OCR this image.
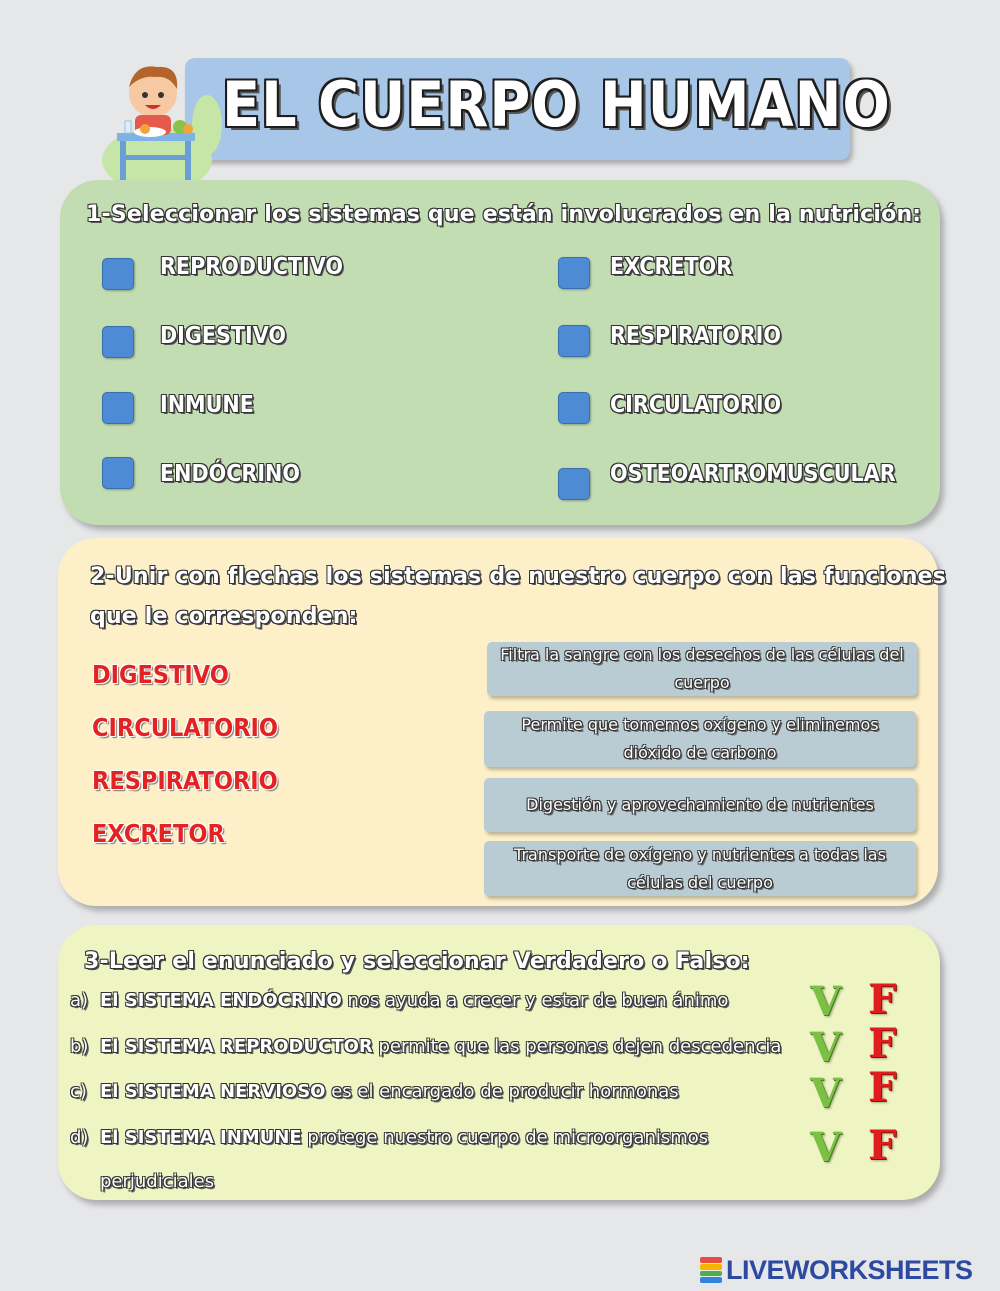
EL CUERPO HUMANO
1-Seleccionar los sistemas que están involucrados en la nutrición:
REPRODUCTIVO
DIGESTIVO
INMUNE
ENDÓCRINO
EXCRETOR
RESPIRATORIO
CIRCULATORIO
OSTEOARTROMUSCULAR
2-Unir con flechas los sistemas de nuestro cuerpo con las funciones
que le corresponden:
DIGESTIVO
CIRCULATORIO
RESPIRATORIO
EXCRETOR
Filtra la sangre con los desechos de las células del cuerpo
Permite que tomemos oxígeno y eliminemos dióxido de carbono
Digestión y aprovechamiento de nutrientes
Transporte de oxígeno y nutrientes a todas las células del cuerpo
3-Leer el enunciado y seleccionar Verdadero o Falso:
a) El SISTEMA ENDÓCRINO nos ayuda a crecer y estar de buen ánimo
b) El SISTEMA REPRODUCTOR permite que las personas dejen descedencia
c) El SISTEMA NERVIOSO es el encargado de producir hormonas
d) El SISTEMA INMUNE protege nuestro cuerpo de microorganismos
perjudiciales
V F
V F
V F
V F
LIVEWORKSHEETS
